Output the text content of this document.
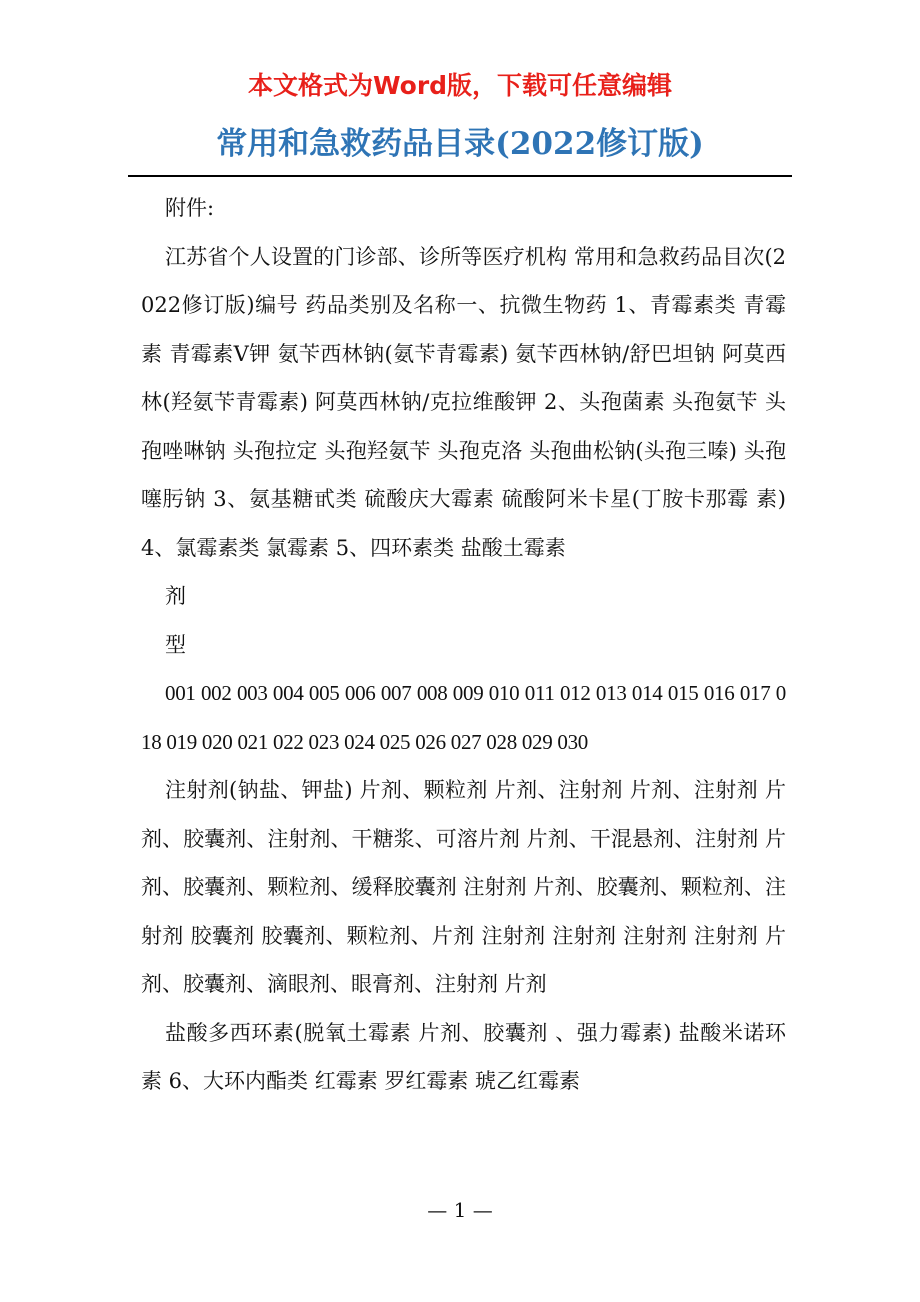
本文格式为Word版，下载可任意编辑
常用和急救药品目录(2022修订版)

附件:

江苏省个人设置的门诊部、诊所等医疗机构 常用和急救药品目次(2022修订版)编号 药品类别及名称一、抗微生物药 1、青霉素类 青霉素 青霉素V钾 氨苄西林钠(氨苄青霉素) 氨苄西林钠/舒巴坦钠 阿莫西林(羟氨苄青霉素) 阿莫西林钠/克拉维酸钾 2、头孢菌素 头孢氨苄 头孢唑啉钠 头孢拉定 头孢羟氨苄 头孢克洛 头孢曲松钠(头孢三嗪) 头孢噻肟钠 3、氨基糖甙类 硫酸庆大霉素 硫酸阿米卡星(丁胺卡那霉 素) 4、氯霉素类 氯霉素 5、四环素类 盐酸土霉素

剂

型

001 002 003 004 005 006 007 008 009 010 011 012 013 014 015 016 017 018 019 020 021 022 023 024 025 026 027 028 029 030

注射剂(钠盐、钾盐) 片剂、颗粒剂 片剂、注射剂 片剂、注射剂 片剂、胶囊剂、注射剂、干糖浆、可溶片剂 片剂、干混悬剂、注射剂 片剂、胶囊剂、颗粒剂、缓释胶囊剂 注射剂 片剂、胶囊剂、颗粒剂、注射剂 胶囊剂 胶囊剂、颗粒剂、片剂 注射剂 注射剂 注射剂 注射剂 片剂、胶囊剂、滴眼剂、眼膏剂、注射剂 片剂

盐酸多西环素(脱氧土霉素 片剂、胶囊剂 、强力霉素) 盐酸米诺环素 6、大环内酯类 红霉素 罗红霉素 琥乙红霉素

— 1 —
